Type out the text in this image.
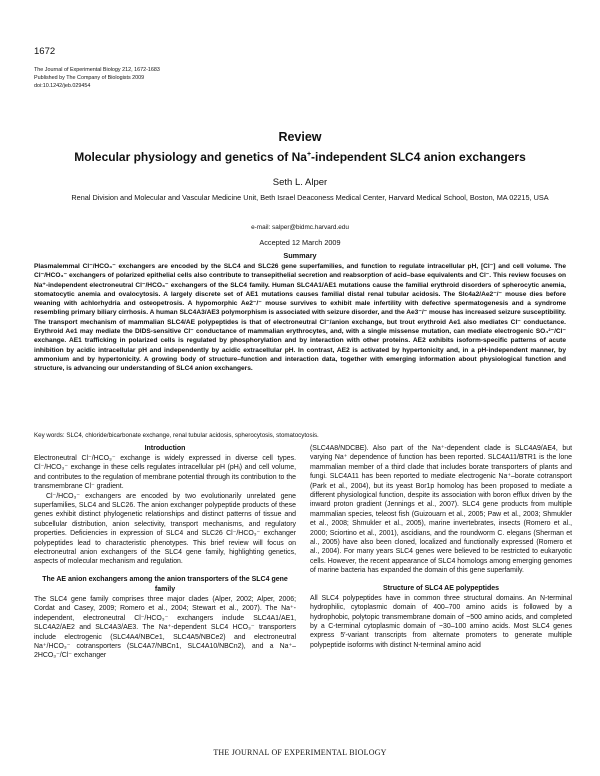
1672
The Journal of Experimental Biology 212, 1672-1683
Published by The Company of Biologists 2009
doi:10.1242/jeb.029454
Review
Molecular physiology and genetics of Na+-independent SLC4 anion exchangers
Seth L. Alper
Renal Division and Molecular and Vascular Medicine Unit, Beth Israel Deaconess Medical Center, Harvard Medical School, Boston, MA 02215, USA
e-mail: salper@bidmc.harvard.edu
Accepted 12 March 2009
Summary
Plasmalemmal Cl⁻/HCO₃⁻ exchangers are encoded by the SLC4 and SLC26 gene superfamilies, and function to regulate intracellular pH, [Cl⁻] and cell volume. The Cl⁻/HCO₃⁻ exchangers of polarized epithelial cells also contribute to transepithelial secretion and reabsorption of acid–base equivalents and Cl⁻. This review focuses on Na⁺-independent electroneutral Cl⁻/HCO₃⁻ exchangers of the SLC4 family. Human SLC4A1/AE1 mutations cause the familial erythroid disorders of spherocytic anemia, stomatocytic anemia and ovalocytosis. A largely discrete set of AE1 mutations causes familial distal renal tubular acidosis. The Slc4a2/Ae2⁻/⁻ mouse dies before weaning with achlorhydria and osteopetrosis. A hypomorphic Ae2⁻/⁻ mouse survives to exhibit male infertility with defective spermatogenesis and a syndrome resembling primary biliary cirrhosis. A human SLC4A3/AE3 polymorphism is associated with seizure disorder, and the Ae3⁻/⁻ mouse has increased seizure susceptibility. The transport mechanism of mammalian SLC4/AE polypeptides is that of electroneutral Cl⁻/anion exchange, but trout erythroid Ae1 also mediates Cl⁻ conductance. Erythroid Ae1 may mediate the DIDS-sensitive Cl⁻ conductance of mammalian erythrocytes, and, with a single missense mutation, can mediate electrogenic SO₄²⁻/Cl⁻ exchange. AE1 trafficking in polarized cells is regulated by phosphorylation and by interaction with other proteins. AE2 exhibits isoform-specific patterns of acute inhibition by acidic intracellular pH and independently by acidic extracellular pH. In contrast, AE2 is activated by hypertonicity and, in a pH-independent manner, by ammonium and by hypertonicity. A growing body of structure–function and interaction data, together with emerging information about physiological function and structure, is advancing our understanding of SLC4 anion exchangers.
Key words: SLC4, chloride/bicarbonate exchange, renal tubular acidosis, spherocytosis, stomatocytosis.
Introduction

Electroneutral Cl⁻/HCO₃⁻ exchange is widely expressed in diverse cell types. Cl⁻/HCO₃⁻ exchange in these cells regulates intracellular pH (pHᵢ) and cell volume, and contributes to the regulation of membrane potential through its contribution to the transmembrane Cl⁻ gradient.

Cl⁻/HCO₃⁻ exchangers are encoded by two evolutionarily unrelated gene superfamilies, SLC4 and SLC26. The anion exchanger polypeptide products of these genes exhibit distinct phylogenetic relationships and distinct patterns of tissue and subcellular distribution, anion selectivity, transport mechanisms, and regulatory properties. Deficiencies in expression of SLC4 and SLC26 Cl⁻/HCO₃⁻ exchanger polypeptides lead to characteristic phenotypes. This brief review will focus on electroneutral anion exchangers of the SLC4 gene family, highlighting genetics, aspects of molecular mechanism and regulation.

The AE anion exchangers among the anion transporters of the SLC4 gene family

The SLC4 gene family comprises three major clades (Alper, 2002; Alper, 2006; Cordat and Casey, 2009; Romero et al., 2004; Stewart et al., 2007). The Na⁺-independent, electroneutral Cl⁻/HCO₃⁻ exchangers include SLC4A1/AE1, SLC4A2/AE2 and SLC4A3/AE3. The Na⁺-dependent SLC4 HCO₃⁻ transporters include electrogenic (SLC4A4/NBCe1, SLC4A5/NBCe2) and electroneutral Na⁺/HCO₃⁻ cotransporters (SLC4A7/NBCn1, SLC4A10/NBCn2), and a Na⁺–2HCO₃⁻/Cl⁻ exchanger

(SLC4A8/NDCBE). Also part of the Na⁺-dependent clade is SLC4A9/AE4, but varying Na⁺ dependence of function has been reported. SLC4A11/BTR1 is the lone mammalian member of a third clade that includes borate transporters of plants and fungi. SLC4A11 has been reported to mediate electrogenic Na⁺–borate cotransport (Park et al., 2004), but its yeast Bor1p homolog has been proposed to mediate a different physiological function, despite its association with boron efflux driven by the inward proton gradient (Jennings et al., 2007). SLC4 gene products from multiple mammalian species, teleost fish (Guizouarn et al., 2005; Paw et al., 2003; Shmukler et al., 2008; Shmukler et al., 2005), marine invertebrates, insects (Romero et al., 2000; Sciortino et al., 2001), ascidians, and the roundworm C. elegans (Sherman et al., 2005) have also been cloned, localized and functionally expressed (Romero et al., 2004). For many years SLC4 genes were believed to be restricted to eukaryotic cells. However, the recent appearance of SLC4 homologs among emerging genomes of marine bacteria has expanded the domain of this gene superfamily.

Structure of SLC4 AE polypeptides

All SLC4 polypeptides have in common three structural domains. An N-terminal hydrophilic, cytoplasmic domain of 400–700 amino acids is followed by a hydrophobic, polytopic transmembrane domain of ~500 amino acids, and completed by a C-terminal cytoplasmic domain of ~30–100 amino acids. Most SLC4 genes express 5′-variant transcripts from alternate promoters to generate multiple polypeptide isoforms with distinct N-terminal amino acid

THE JOURNAL OF EXPERIMENTAL BIOLOGY
